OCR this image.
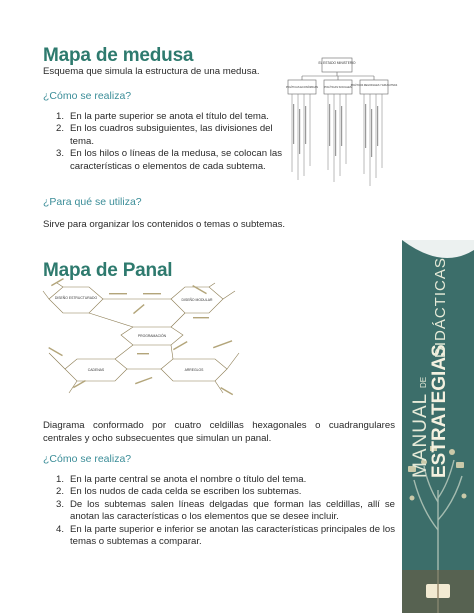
Mapa de medusa
Esquema que simula la estructura de una medusa.
¿Cómo se realiza?
1. En la parte superior se anota el título del tema.
2. En los cuadros subsiguientes, las divisiones del tema.
3. En los hilos o líneas de la medusa, se colocan las características o elementos de cada subtema.
¿Para qué se utiliza?
Sirve para organizar los contenidos o temas o subtemas.
EL ESTADO MINISTERIO
POLÍTICAS ECONÓMICAS POLÍTICAS SOCIALES
POLÍTICAS REGIONALES Y EDUCATIVAS
Mapa de Panal
DISEÑO ESTRUCTURADO	DISEÑO MODULAR
CADENAS	ARREGLOS
PROGRAMACIÓN
Diagrama conformado por cuatro celdillas hexagonales o cuadrangulares centrales y ocho subsecuentes que simulan un panal.
¿Cómo se realiza?
1. En la parte central se anota el nombre o título del tema.
2. En los nudos de cada celda se escriben los subtemas.
3. De los subtemas salen líneas delgadas que forman las celdillas, allí se anotan las características o los elementos que se desee incluir.
4. En la parte superior e inferior se anotan las características principales de los temas o subtemas a comparar.
MANUAL
DE ESTRATEGIAS
DIDÁCTICAS
